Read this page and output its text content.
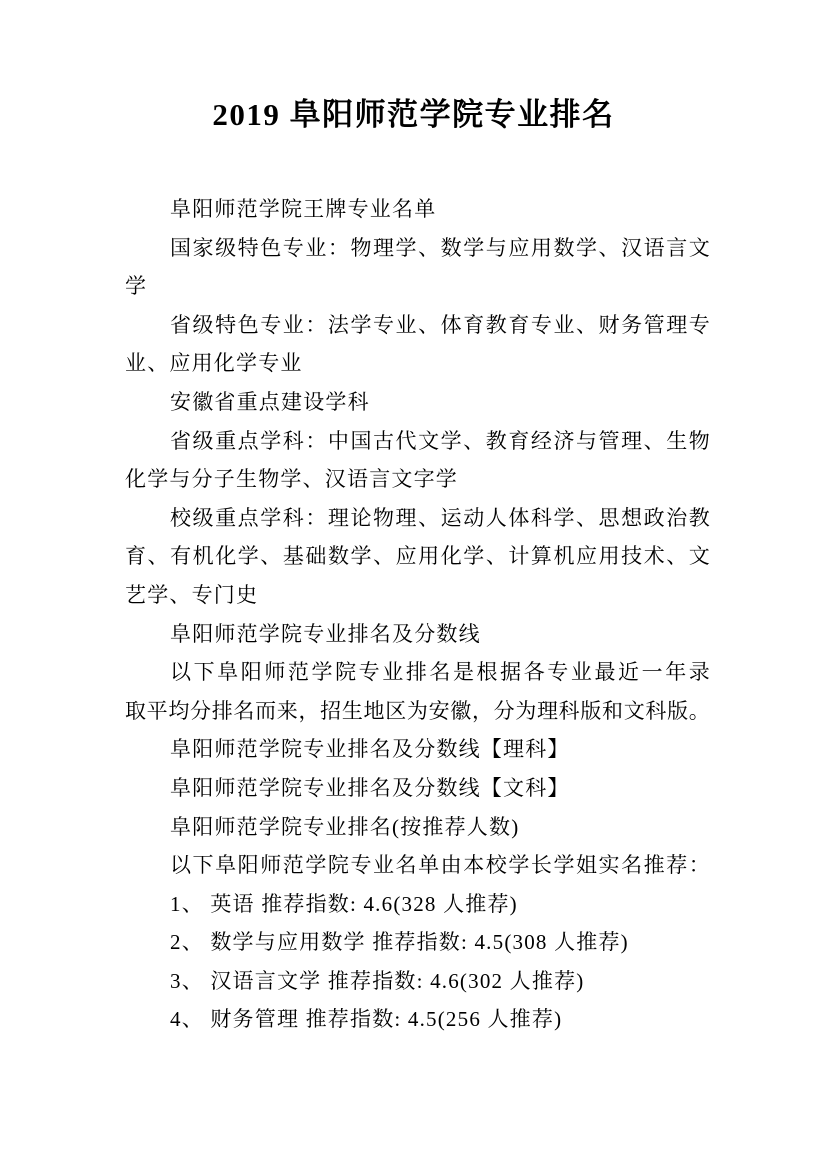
2019 阜阳师范学院专业排名
阜阳师范学院王牌专业名单
国家级特色专业：物理学、数学与应用数学、汉语言文
学
省级特色专业：法学专业、体育教育专业、财务管理专
业、应用化学专业
安徽省重点建设学科
省级重点学科：中国古代文学、教育经济与管理、生物
化学与分子生物学、汉语言文字学
校级重点学科：理论物理、运动人体科学、思想政治教
育、有机化学、基础数学、应用化学、计算机应用技术、文
艺学、专门史
阜阳师范学院专业排名及分数线
以下阜阳师范学院专业排名是根据各专业最近一年录
取平均分排名而来，招生地区为安徽，分为理科版和文科版。
阜阳师范学院专业排名及分数线【理科】
阜阳师范学院专业排名及分数线【文科】
阜阳师范学院专业排名(按推荐人数)
以下阜阳师范学院专业名单由本校学长学姐实名推荐：
1、 英语 推荐指数: 4.6(328 人推荐)
2、 数学与应用数学 推荐指数: 4.5(308 人推荐)
3、 汉语言文学 推荐指数: 4.6(302 人推荐)
4、 财务管理 推荐指数: 4.5(256 人推荐)
